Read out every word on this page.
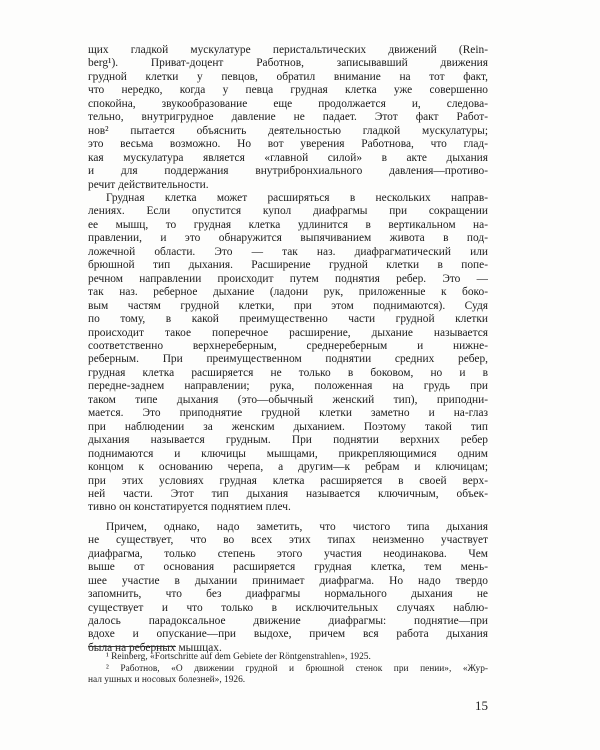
щих гладкой мускулатуре перистальтических движений (Rein-
berg¹). Приват-доцент Работнов, записывавший движения
грудной клетки у певцов, обратил внимание на тот факт,
что нередко, когда у певца грудная клетка уже совершенно
спокойна, звукообразование еще продолжается и, следова-
тельно, внутригрудное давление не падает. Этот факт Работ-
нов² пытается объяснить деятельностью гладкой мускулатуры;
это весьма возможно. Но вот уверения Работнова, что глад-
кая мускулатура является «главной силой» в акте дыхания
и для поддержания внутрибронхиального давления—противо-
речит действительности.
Грудная клетка может расширяться в нескольких направ-
лениях. Если опустится купол диафрагмы при сокращении
ее мышц, то грудная клетка удлинится в вертикальном на-
правлении, и это обнаружится выпячиванием живота в под-
ложечной области. Это — так наз. диафрагматический или
брюшной тип дыхания. Расширение грудной клетки в попе-
речном направлении происходит путем поднятия ребер. Это —
так наз. реберное дыхание (ладони рук, приложенные к боко-
вым частям грудной клетки, при этом поднимаются). Судя
по тому, в какой преимущественно части грудной клетки
происходит такое поперечное расширение, дыхание называется
соответственно верхнереберным, среднереберным и нижне-
реберным. При преимущественном поднятии средних ребер,
грудная клетка расширяется не только в боковом, но и в
передне-заднем направлении; рука, положенная на грудь при
таком типе дыхания (это—обычный женский тип), приподни-
мается. Это приподнятие грудной клетки заметно и на-глаз
при наблюдении за женским дыханием. Поэтому такой тип
дыхания называется грудным. При поднятии верхних ребер
поднимаются и ключицы мышцами, прикрепляющимися одним
концом к основанию черепа, а другим—к ребрам и ключицам;
при этих условиях грудная клетка расширяется в своей верх-
ней части. Этот тип дыхания называется ключичным, объек-
тивно он констатируется поднятием плеч.
Причем, однако, надо заметить, что чистого типа дыхания
не существует, что во всех этих типах неизменно участвует
диафрагма, только степень этого участия неодинакова. Чем
выше от основания расширяется грудная клетка, тем мень-
шее участие в дыхании принимает диафрагма. Но надо твердо
запомнить, что без диафрагмы нормального дыхания не
существует и что только в исключительных случаях наблю-
далось парадоксальное движение диафрагмы: поднятие—при
вдохе и опускание—при выдохе, причем вся работа дыхания
была на реберных мышцах.
¹ Reinberg, «Fortschritte auf dem Gebiete der Röntgenstrahlen», 1925.
² Работнов, «О движении грудной и брюшной стенок при пении», «Жур-
нал ушных и носовых болезней», 1926.
15
